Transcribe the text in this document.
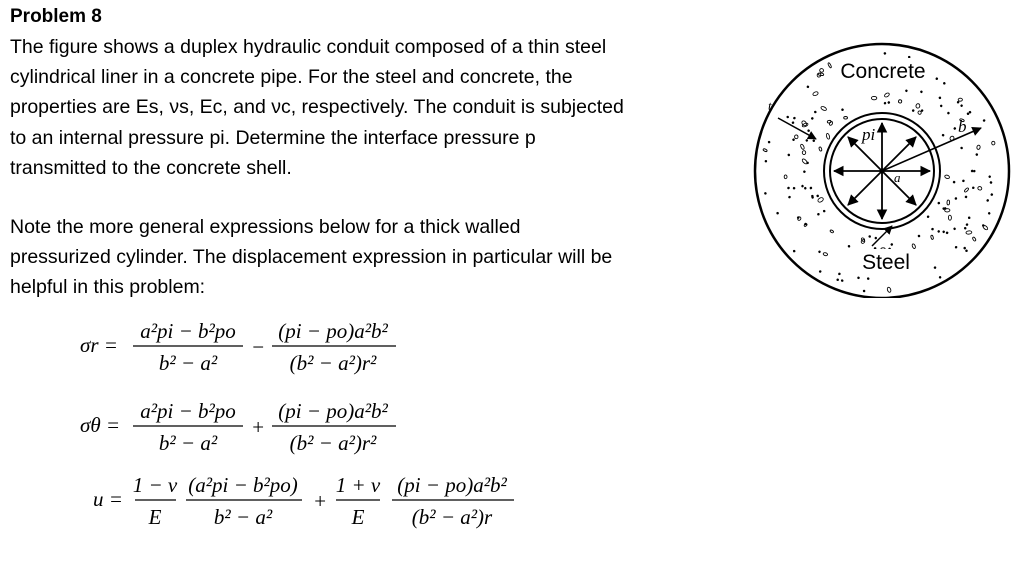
Problem 8
The figure shows a duplex hydraulic conduit composed of a thin steel
cylindrical liner in a concrete pipe. For the steel and concrete, the
properties are Es, νs, Ec, and νc, respectively. The conduit is subjected
to an internal pressure pi. Determine the interface pressure p
transmitted to the concrete shell.
Note the more general expressions below for a thick walled
pressurized cylinder. The displacement expression in particular will be
helpful in this problem:
σr =
a²pi − b²po
b² − a²
−
(pi − po)a²b²
(b² − a²)r²
σθ =
a²pi − b²po
b² − a²
+
(pi − po)a²b²
(b² − a²)r²
u =
1 − ν
E
(a²pi − b²po)
b² − a²
+
1 + ν
E
(pi − po)a²b²
(b² − a²)r
Concrete
Steel
pi	b
a
t
